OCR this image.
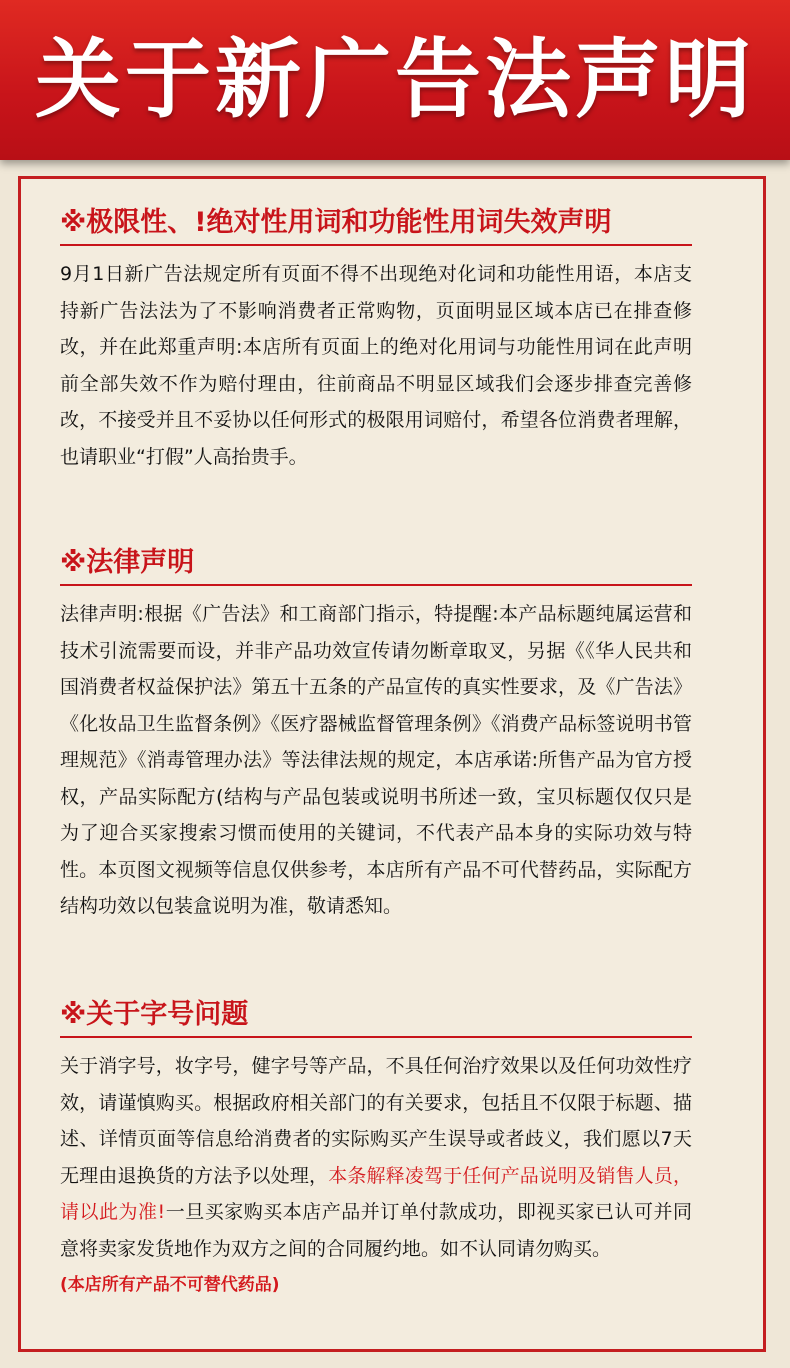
关于新广告法声明
※极限性、!绝对性用词和功能性用词失效声明
9月1日新广告法规定所有页面不得不出现绝对化词和功能性用语，本店支持新广告法法为了不影响消费者正常购物，页面明显区域本店已在排查修改，并在此郑重声明:本店所有页面上的绝对化用词与功能性用词在此声明前全部失效不作为赔付理由，往前商品不明显区域我们会逐步排查完善修改，不接受并且不妥协以任何形式的极限用词赔付，希望各位消费者理解，也请职业“打假”人高抬贵手。
※法律声明
法律声明:根据《广告法》和工商部门指示，特提醒:本产品标题纯属运营和技术引流需要而设，并非产品功效宣传请勿断章取叉，另据《《华人民共和国消费者权益保护法》第五十五条的产品宣传的真实性要求，及《广告法》《化妆品卫生监督条例》《医疗器械监督管理条例》《消费产品标签说明书管理规范》《消毒管理办法》等法律法规的规定，本店承诺:所售产品为官方授权，产品实际配方(结构与产品包装或说明书所述一致，宝贝标题仅仅只是为了迎合买家搜索习惯而使用的关键词，不代表产品本身的实际功效与特性。本页图文视频等信息仅供参考，本店所有产品不可代替药品，实际配方结构功效以包装盒说明为准，敬请悉知。
※关于字号问题
关于消字号，妆字号，健字号等产品，不具任何治疗效果以及任何功效性疗效，请谨慎购买。根据政府相关部门的有关要求，包括且不仅限于标题、描述、详情页面等信息给消费者的实际购买产生误导或者歧义，我们愿以7天无理由退换货的方法予以处理，本条解释凌驾于任何产品说明及销售人员，请以此为准!一旦买家购买本店产品并订单付款成功，即视买家已认可并同意将卖家发货地作为双方之间的合同履约地。如不认同请勿购买。
(本店所有产品不可替代药品)
